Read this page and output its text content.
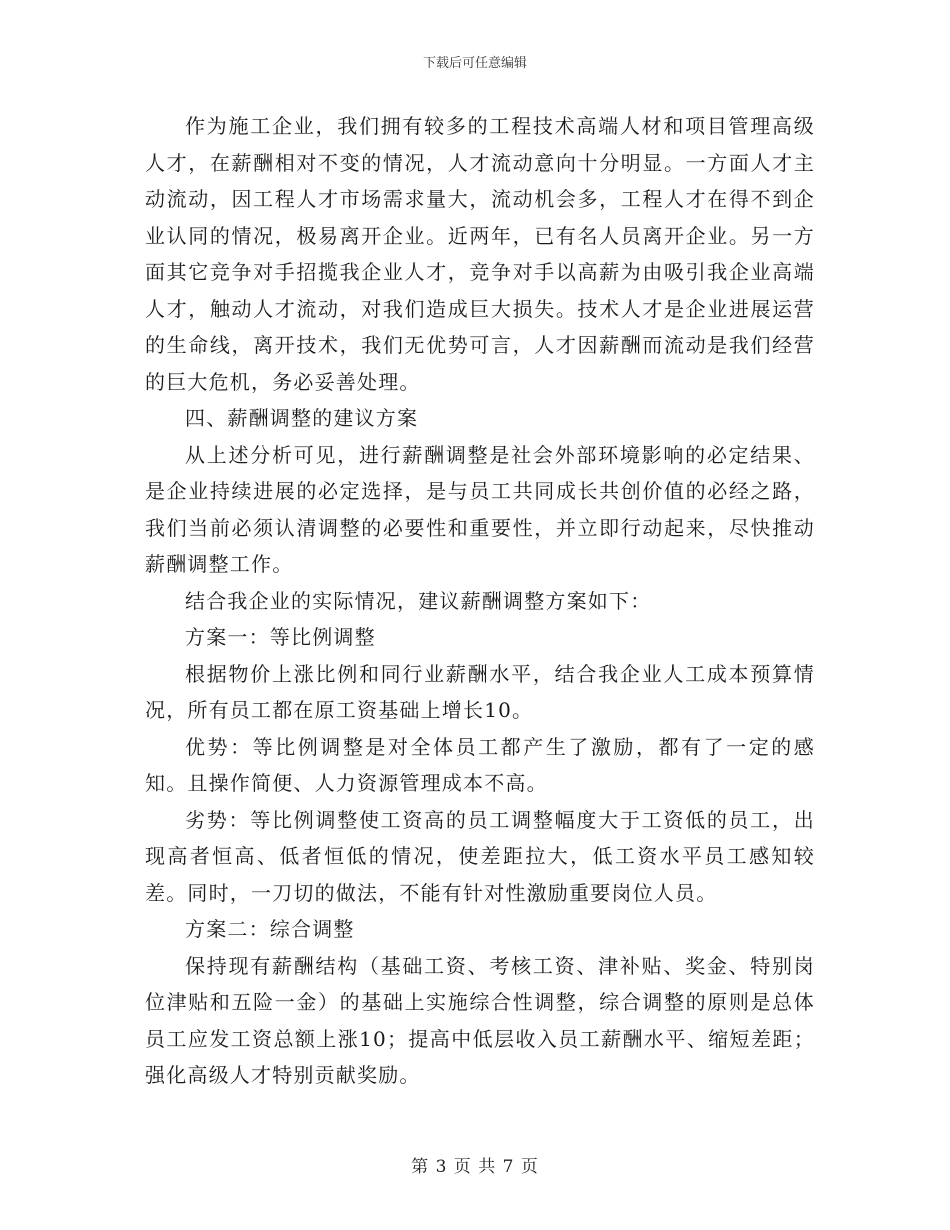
下载后可任意编辑

作为施工企业，我们拥有较多的工程技术高端人材和项目管理高级人才，在薪酬相对不变的情况，人才流动意向十分明显。一方面人才主动流动，因工程人才市场需求量大，流动机会多，工程人才在得不到企业认同的情况，极易离开企业。近两年，已有名人员离开企业。另一方面其它竞争对手招揽我企业人才，竞争对手以高薪为由吸引我企业高端人才，触动人才流动，对我们造成巨大损失。技术人才是企业进展运营的生命线，离开技术，我们无优势可言，人才因薪酬而流动是我们经营的巨大危机，务必妥善处理。

四、薪酬调整的建议方案

从上述分析可见，进行薪酬调整是社会外部环境影响的必定结果、是企业持续进展的必定选择，是与员工共同成长共创价值的必经之路，我们当前必须认清调整的必要性和重要性，并立即行动起来，尽快推动薪酬调整工作。

结合我企业的实际情况，建议薪酬调整方案如下：

方案一：等比例调整

根据物价上涨比例和同行业薪酬水平，结合我企业人工成本预算情况，所有员工都在原工资基础上增长10。

优势：等比例调整是对全体员工都产生了激励，都有了一定的感知。且操作简便、人力资源管理成本不高。

劣势：等比例调整使工资高的员工调整幅度大于工资低的员工，出现高者恒高、低者恒低的情况，使差距拉大，低工资水平员工感知较差。同时，一刀切的做法，不能有针对性激励重要岗位人员。

方案二：综合调整

保持现有薪酬结构（基础工资、考核工资、津补贴、奖金、特别岗位津贴和五险一金）的基础上实施综合性调整，综合调整的原则是总体员工应发工资总额上涨10；提高中低层收入员工薪酬水平、缩短差距；强化高级人才特别贡献奖励。

第 3 页 共 7 页
